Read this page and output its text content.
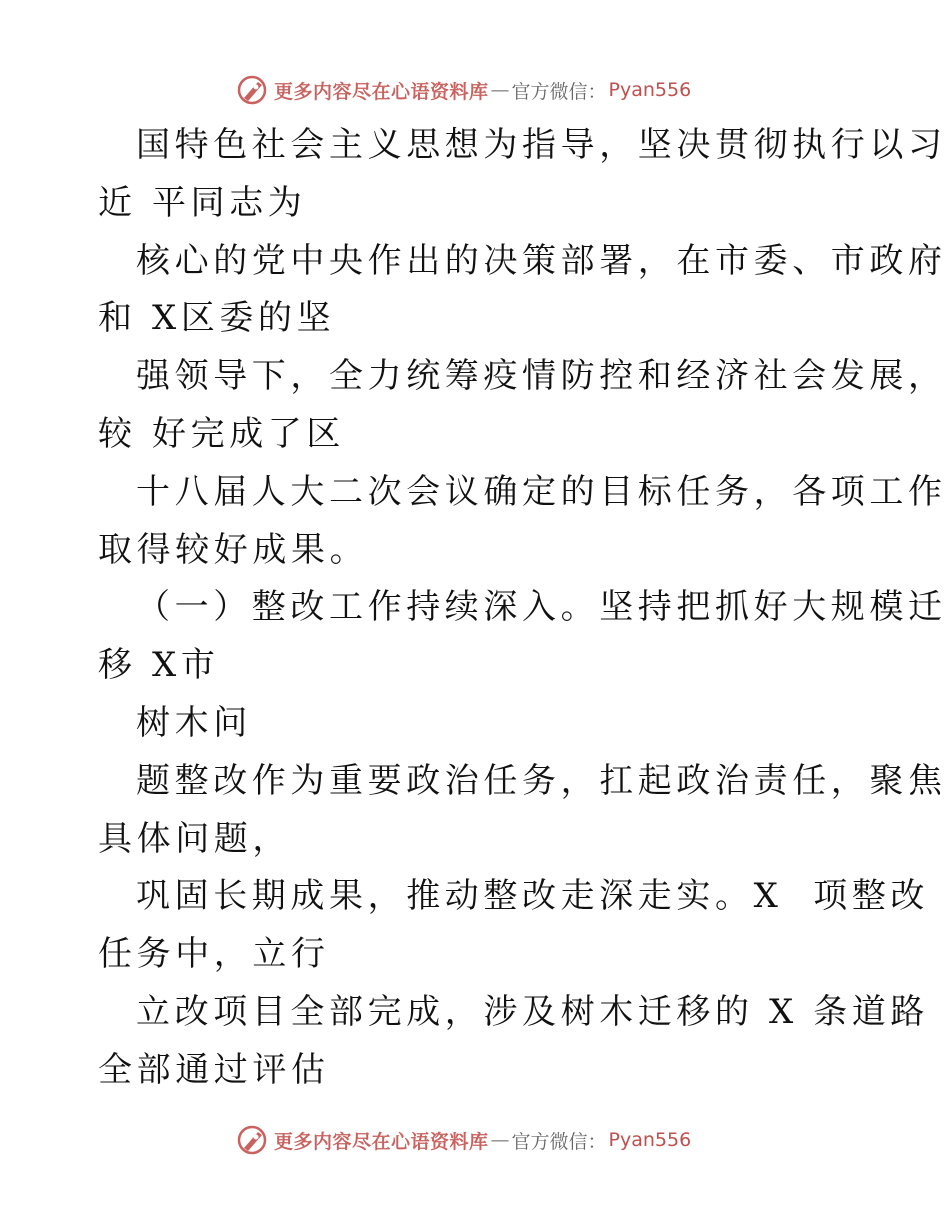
更多内容尽在心语资料库 — 官方微信： Pyan556
国特色社会主义思想为指导，坚决贯彻执行以习
近 平同志为
核心的党中央作出的决策部署，在市委、市政府
和 X区委的坚
强领导下，全力统筹疫情防控和经济社会发展，
较 好完成了区
十八届人大二次会议确定的目标任务，各项工作
取得较好成果。
（一）整改工作持续深入。坚持把抓好大规模迁
移 X市
树木问
题整改作为重要政治任务，扛起政治责任，聚焦
具体问题，
巩固长期成果，推动整改走深走实。X  项整改
任务中，立行
立改项目全部完成，涉及树木迁移的 X 条道路
全部通过评估
更多内容尽在心语资料库 — 官方微信： Pyan556
